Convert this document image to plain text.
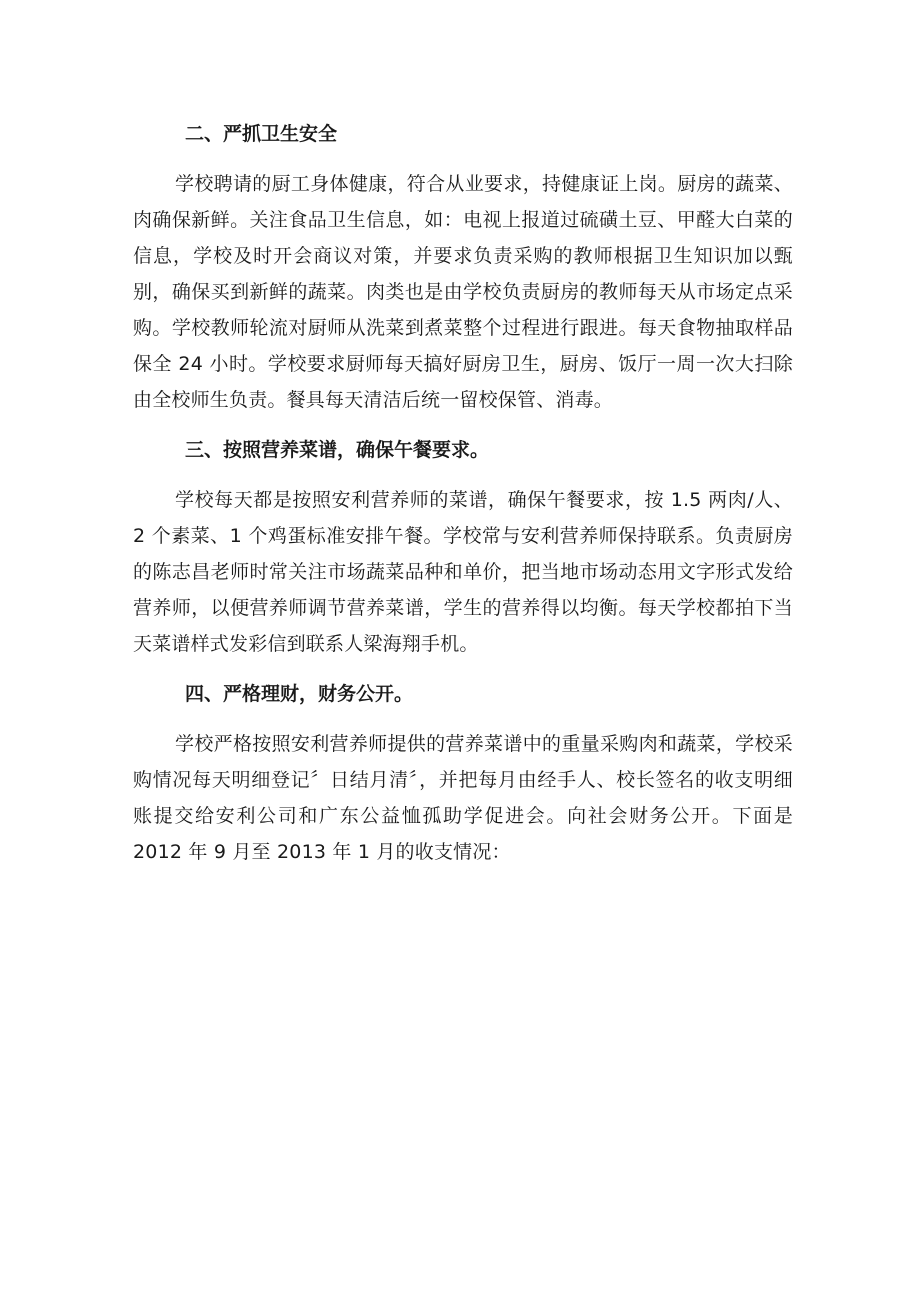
二、严抓卫生安全

学校聘请的厨工身体健康，符合从业要求，持健康证上岗。厨房的蔬菜、肉确保新鲜。关注食品卫生信息，如：电视上报道过硫磺土豆、甲醛大白菜的信息，学校及时开会商议对策，并要求负责采购的教师根据卫生知识加以甄别，确保买到新鲜的蔬菜。肉类也是由学校负责厨房的教师每天从市场定点采购。学校教师轮流对厨师从洗菜到煮菜整个过程进行跟进。每天食物抽取样品保全 24 小时。学校要求厨师每天搞好厨房卫生，厨房、饭厅一周一次大扫除由全校师生负责。餐具每天清洁后统一留校保管、消毒。

三、按照营养菜谱，确保午餐要求。

学校每天都是按照安利营养师的菜谱，确保午餐要求，按 1.5 两肉/人、2 个素菜、1 个鸡蛋标准安排午餐。学校常与安利营养师保持联系。负责厨房的陈志昌老师时常关注市场蔬菜品种和单价，把当地市场动态用文字形式发给营养师，以便营养师调节营养菜谱，学生的营养得以均衡。每天学校都拍下当天菜谱样式发彩信到联系人梁海翔手机。

四、严格理财，财务公开。

学校严格按照安利营养师提供的营养菜谱中的重量采购肉和蔬菜，学校采购情况每天明细登记〞日结月清〞，并把每月由经手人、校长签名的收支明细账提交给安利公司和广东公益恤孤助学促进会。向社会财务公开。下面是 2012 年 9 月至 2013 年 1 月的收支情况：
